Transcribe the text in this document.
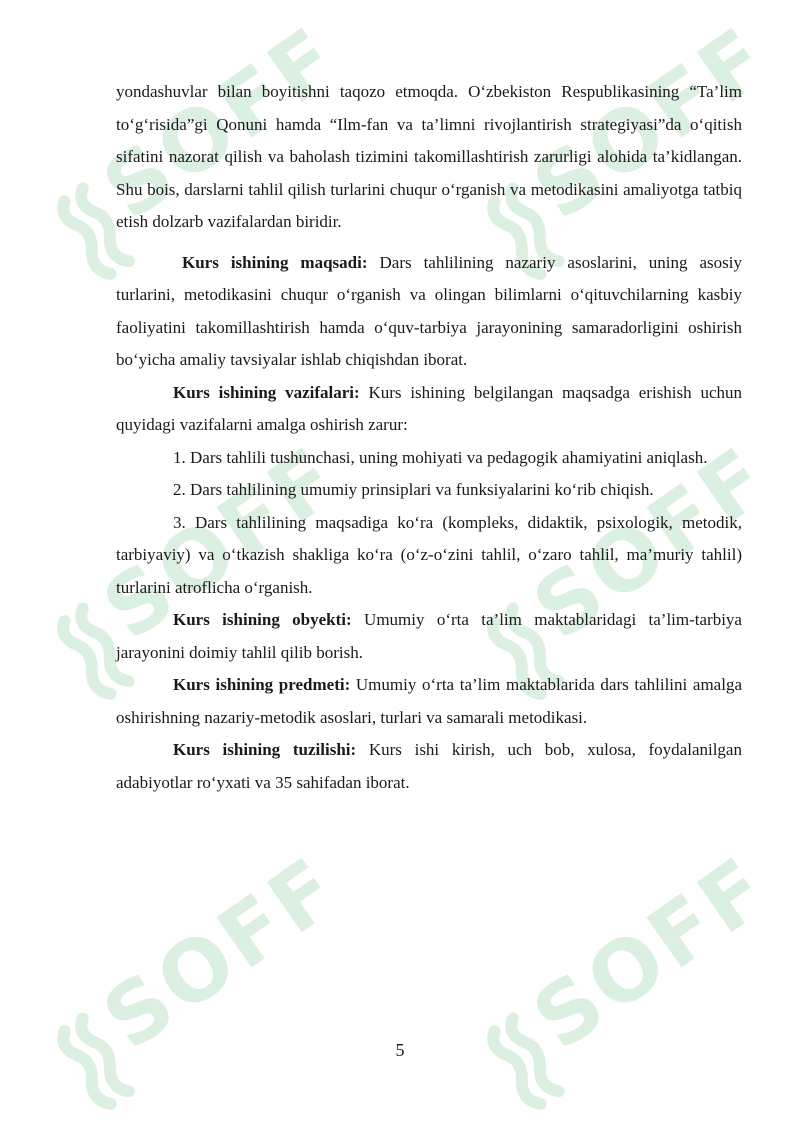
yondashuvlar bilan boyitishni taqozo etmoqda. O‘zbekiston Respublikasining “Ta’lim to‘g‘risida”gi Qonuni hamda “Ilm-fan va ta’limni rivojlantirish strategiyasi”da o‘qitish sifatini nazorat qilish va baholash tizimini takomillashtirish zarurligi alohida ta’kidlangan. Shu bois, darslarni tahlil qilish turlarini chuqur o‘rganish va metodikasini amaliyotga tatbiq etish dolzarb vazifalardan biridir.

Kurs ishining maqsadi: Dars tahlilining nazariy asoslarini, uning asosiy turlarini, metodikasini chuqur o‘rganish va olingan bilimlarni o‘qituvchilarning kasbiy faoliyatini takomillashtirish hamda o‘quv-tarbiya jarayonining samaradorligini oshirish bo‘yicha amaliy tavsiyalar ishlab chiqishdan iborat.

Kurs ishining vazifalari: Kurs ishining belgilangan maqsadga erishish uchun quyidagi vazifalarni amalga oshirish zarur:

1. Dars tahlili tushunchasi, uning mohiyati va pedagogik ahamiyatini aniqlash.

2. Dars tahlilining umumiy prinsiplari va funksiyalarini ko‘rib chiqish.

3. Dars tahlilining maqsadiga ko‘ra (kompleks, didaktik, psixologik, metodik, tarbiyaviy) va o‘tkazish shakliga ko‘ra (o‘z-o‘zini tahlil, o‘zaro tahlil, ma’muriy tahlil) turlarini atroflicha o‘rganish.

Kurs ishining obyekti: Umumiy o‘rta ta’lim maktablaridagi ta’lim-tarbiya jarayonini doimiy tahlil qilib borish.

Kurs ishining predmeti: Umumiy o‘rta ta’lim maktablarida dars tahlilini amalga oshirishning nazariy-metodik asoslari, turlari va samarali metodikasi.

Kurs ishining tuzilishi: Kurs ishi kirish, uch bob, xulosa, foydalanilgan adabiyotlar ro‘yxati va 35 sahifadan iborat.

5
